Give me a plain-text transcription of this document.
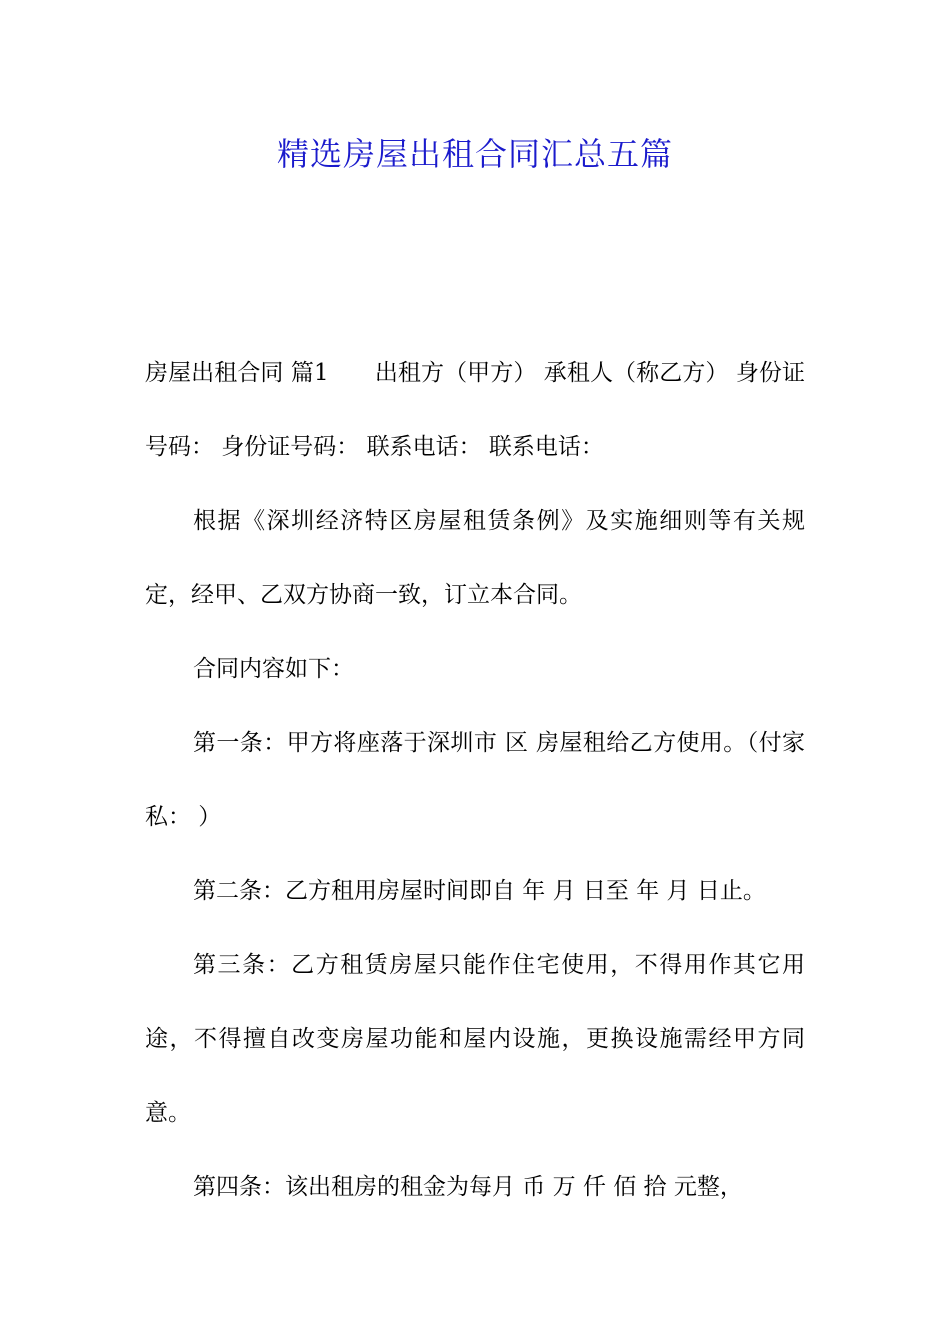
精选房屋出租合同汇总五篇

房屋出租合同 篇1　　出租方（甲方） 承租人（称乙方） 身份证号码： 身份证号码： 联系电话： 联系电话：

根据《深圳经济特区房屋租赁条例》及实施细则等有关规定，经甲、乙双方协商一致，订立本合同。

合同内容如下：

第一条：甲方将座落于深圳市 区 房屋租给乙方使用。（付家私： ）

第二条：乙方租用房屋时间即自 年 月 日至 年 月 日止。

第三条：乙方租赁房屋只能作住宅使用，不得用作其它用途，不得擅自改变房屋功能和屋内设施，更换设施需经甲方同意。

第四条：该出租房的租金为每月 币 万 仟 佰 拾 元整，
